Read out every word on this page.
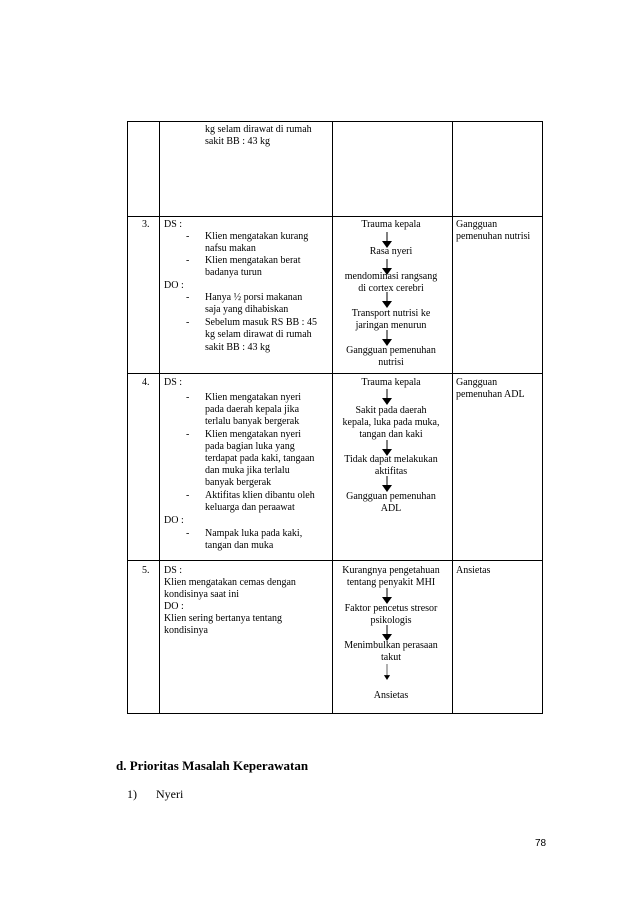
kg selam dirawat di rumah
sakit BB : 43 kg
3. DS :
- Klien mengatakan kurang
nafsu makan
- Klien mengatakan berat
badanya turun
DO :
- Hanya ½ porsi makanan
saja yang dihabiskan
- Sebelum masuk RS BB : 45
kg selam dirawat di rumah
sakit BB : 43 kg
Trauma kepala
Rasa nyeri
mendominasi rangsang
di cortex cerebri
Transport nutrisi ke
jaringan menurun
Gangguan pemenuhan
nutrisi
Gangguan
pemenuhan nutrisi
4. DS :
- Klien mengatakan nyeri
pada daerah kepala jika
terlalu banyak bergerak
- Klien mengatakan nyeri
pada bagian luka yang
terdapat pada kaki, tangaan
dan muka jika terlalu
banyak bergerak
- Aktifitas klien dibantu oleh
keluarga dan peraawat
DO :
- Nampak luka pada kaki,
tangan dan muka
Trauma kepala
Sakit pada daerah
kepala, luka pada muka,
tangan dan kaki
Tidak dapat melakukan
aktifitas
Gangguan pemenuhan
ADL
Gangguan
pemenuhan ADL
5. DS :
Klien mengatakan cemas dengan
kondisinya saat ini
DO :
Klien sering bertanya tentang
kondisinya
Kurangnya pengetahuan
tentang penyakit MHI
Faktor pencetus stresor
psikologis
Menimbulkan perasaan
takut
Ansietas
Ansietas
d. Prioritas Masalah Keperawatan
1) Nyeri
78
